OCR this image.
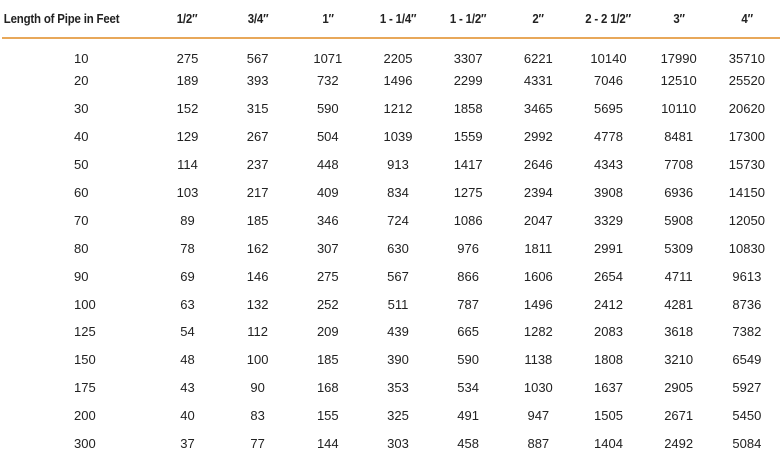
Length of Pipe in Feet	1/2″	3/4″	1″	1 - 1/4″	1 - 1/2″	2″	2 - 2 1/2″	3″	4″
10	275	567	1071	2205	3307	6221	10140	17990	35710
20	189	393	732	1496	2299	4331	7046	12510	25520
30	152	315	590	1212	1858	3465	5695	10110	20620
40	129	267	504	1039	1559	2992	4778	8481	17300
50	114	237	448	913	1417	2646	4343	7708	15730
60	103	217	409	834	1275	2394	3908	6936	14150
70	89	185	346	724	1086	2047	3329	5908	12050
80	78	162	307	630	976	1811	2991	5309	10830
90	69	146	275	567	866	1606	2654	4711	9613
100	63	132	252	511	787	1496	2412	4281	8736
125	54	112	209	439	665	1282	2083	3618	7382
150	48	100	185	390	590	1138	1808	3210	6549
175	43	90	168	353	534	1030	1637	2905	5927
200	40	83	155	325	491	947	1505	2671	5450
300	37	77	144	303	458	887	1404	2492	5084
